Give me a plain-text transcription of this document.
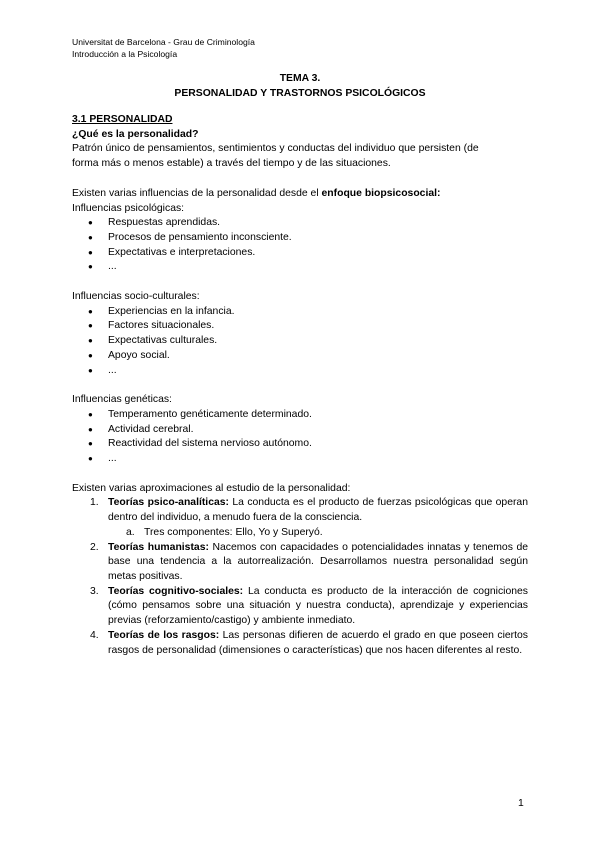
Universitat de Barcelona - Grau de Criminología
Introducción a la Psicología
TEMA 3.
PERSONALIDAD Y TRASTORNOS PSICOLÓGICOS
3.1 PERSONALIDAD
¿Qué es la personalidad?
Patrón único de pensamientos, sentimientos y conductas del individuo que persisten (de
forma más o menos estable) a través del tiempo y de las situaciones.
Existen varias influencias de la personalidad desde el enfoque biopsicosocial:
Influencias psicológicas:
● Respuestas aprendidas.
● Procesos de pensamiento inconsciente.
● Expectativas e interpretaciones.
● ...
Influencias socio-culturales:
● Experiencias en la infancia.
● Factores situacionales.
● Expectativas culturales.
● Apoyo social.
● ...
Influencias genéticas:
● Temperamento genéticamente determinado.
● Actividad cerebral.
● Reactividad del sistema nervioso autónomo.
● ...
Existen varias aproximaciones al estudio de la personalidad:
1. Teorías psico-analíticas: La conducta es el producto de fuerzas psicológicas que operan dentro del individuo, a menudo fuera de la consciencia.
a. Tres componentes: Ello, Yo y Superyó.
2. Teorías humanistas: Nacemos con capacidades o potencialidades innatas y tenemos de base una tendencia a la autorrealización. Desarrollamos nuestra personalidad según metas positivas.
3. Teorías cognitivo-sociales: La conducta es producto de la interacción de cogniciones (cómo pensamos sobre una situación y nuestra conducta), aprendizaje y experiencias previas (reforzamiento/castigo) y ambiente inmediato.
4. Teorías de los rasgos: Las personas difieren de acuerdo el grado en que poseen ciertos rasgos de personalidad (dimensiones o características) que nos hacen diferentes al resto.
1
